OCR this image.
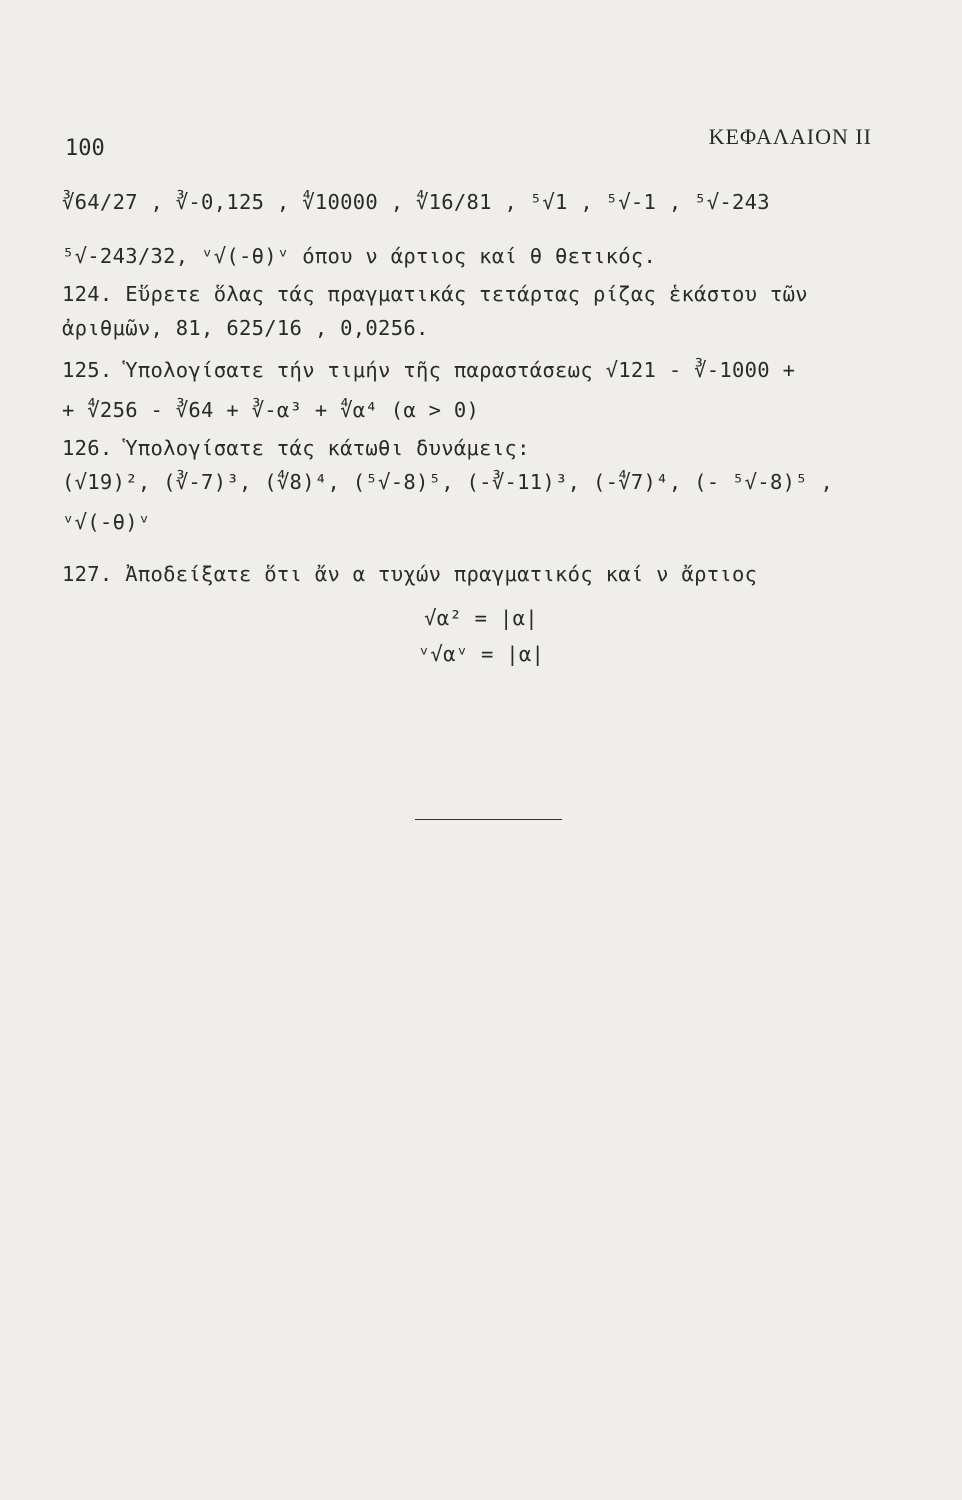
100	ΚΕΦΑΛΑΙΟΝ ΙΙ
∛64/27 , ∛-0,125 , ∜10000 , ∜16/81 , ⁵√1 , ⁵√-1 , ⁵√-243
⁵√-243/32, ᵛ√(-θ)ᵛ όπου ν άρτιος καί θ θετικός.
124. Εὕρετε ὅλας τάς πραγματικάς τετάρτας ρίζας ἑκάστου τῶν
ἀριθμῶν, 81, 625/16 , 0,0256.
125. Ὑπολογίσατε τήν τιμήν τῆς παραστάσεως √121 - ∛-1000 +
+ ∜256 - ∛64 + ∛-α³ + ∜α⁴ (α > 0)
126. Ὑπολογίσατε τάς κάτωθι δυνάμεις:
(√19)², (∛-7)³, (∜8)⁴, (⁵√-8)⁵, (-∛-11)³, (-∜7)⁴, (- ⁵√-8)⁵ ,
ᵛ√(-θ)ᵛ
127. Ἀποδείξατε ὅτι ἄν α τυχών πραγματικός καί ν ἄρτιος
√α² = |α|
ᵛ√αᵛ = |α|
